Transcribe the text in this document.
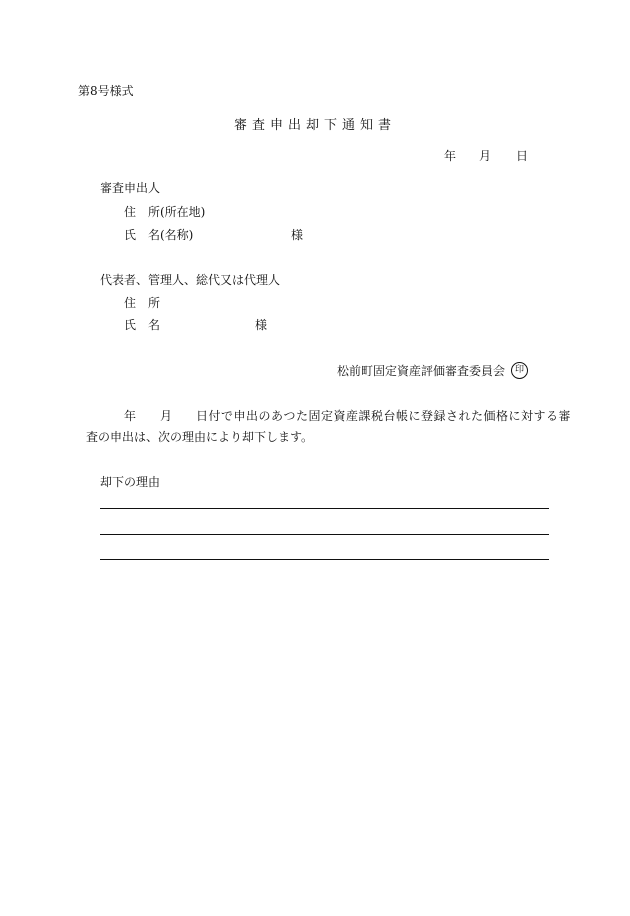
第8号様式
審査申出却下通知書
年 月 日
審査申出人
住　所(所在地)
氏　名(名称)	様
代表者、管理人、総代又は代理人
住　所
氏　名	様
松前町固定資産評価審査委員会	印
年 月 日付で申出のあつた固定資産課税台帳に登録された価格に対する審
査の申出は、次の理由により却下します。
却下の理由
